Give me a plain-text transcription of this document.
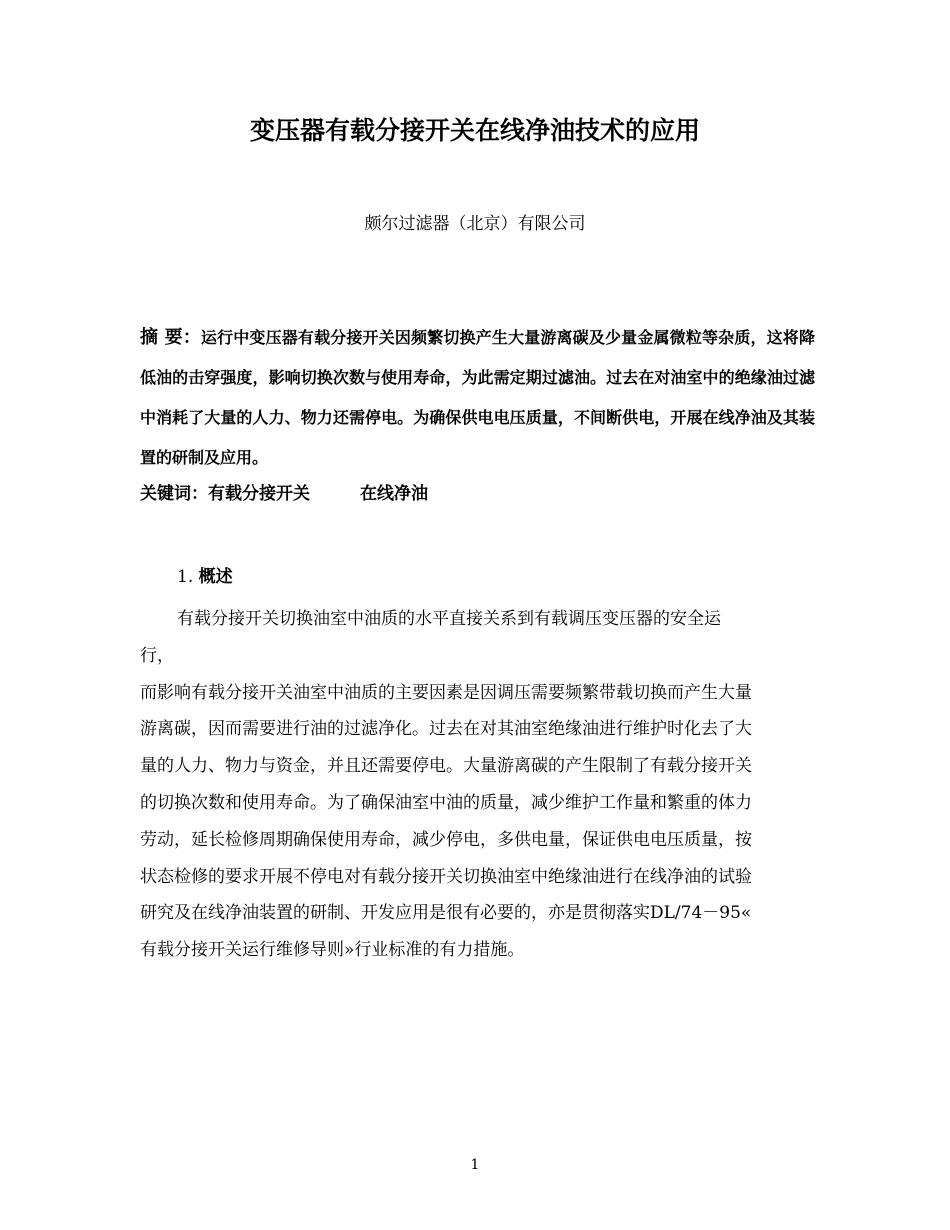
变压器有载分接开关在线净油技术的应用
颇尔过滤器（北京）有限公司
摘 要：运行中变压器有载分接开关因频繁切换产生大量游离碳及少量金属微粒等杂质，这将降低油的击穿强度，影响切换次数与使用寿命，为此需定期过滤油。过去在对油室中的绝缘油过滤中消耗了大量的人力、物力还需停电。为确保供电电压质量，不间断供电，开展在线净油及其装置的研制及应用。
关键词：有载分接开关	在线净油
1. 概述
有载分接开关切换油室中油质的水平直接关系到有载调压变压器的安全运
行，
而影响有载分接开关油室中油质的主要因素是因调压需要频繁带载切换而产生大量
游离碳，因而需要进行油的过滤净化。过去在对其油室绝缘油进行维护时化去了大
量的人力、物力与资金，并且还需要停电。大量游离碳的产生限制了有载分接开关
的切换次数和使用寿命。为了确保油室中油的质量，减少维护工作量和繁重的体力
劳动，延长检修周期确保使用寿命，减少停电，多供电量，保证供电电压质量，按
状态检修的要求开展不停电对有载分接开关切换油室中绝缘油进行在线净油的试验
研究及在线净油装置的研制、开发应用是很有必要的，亦是贯彻落实DL/74－95«
有载分接开关运行维修导则»行业标准的有力措施。
1
